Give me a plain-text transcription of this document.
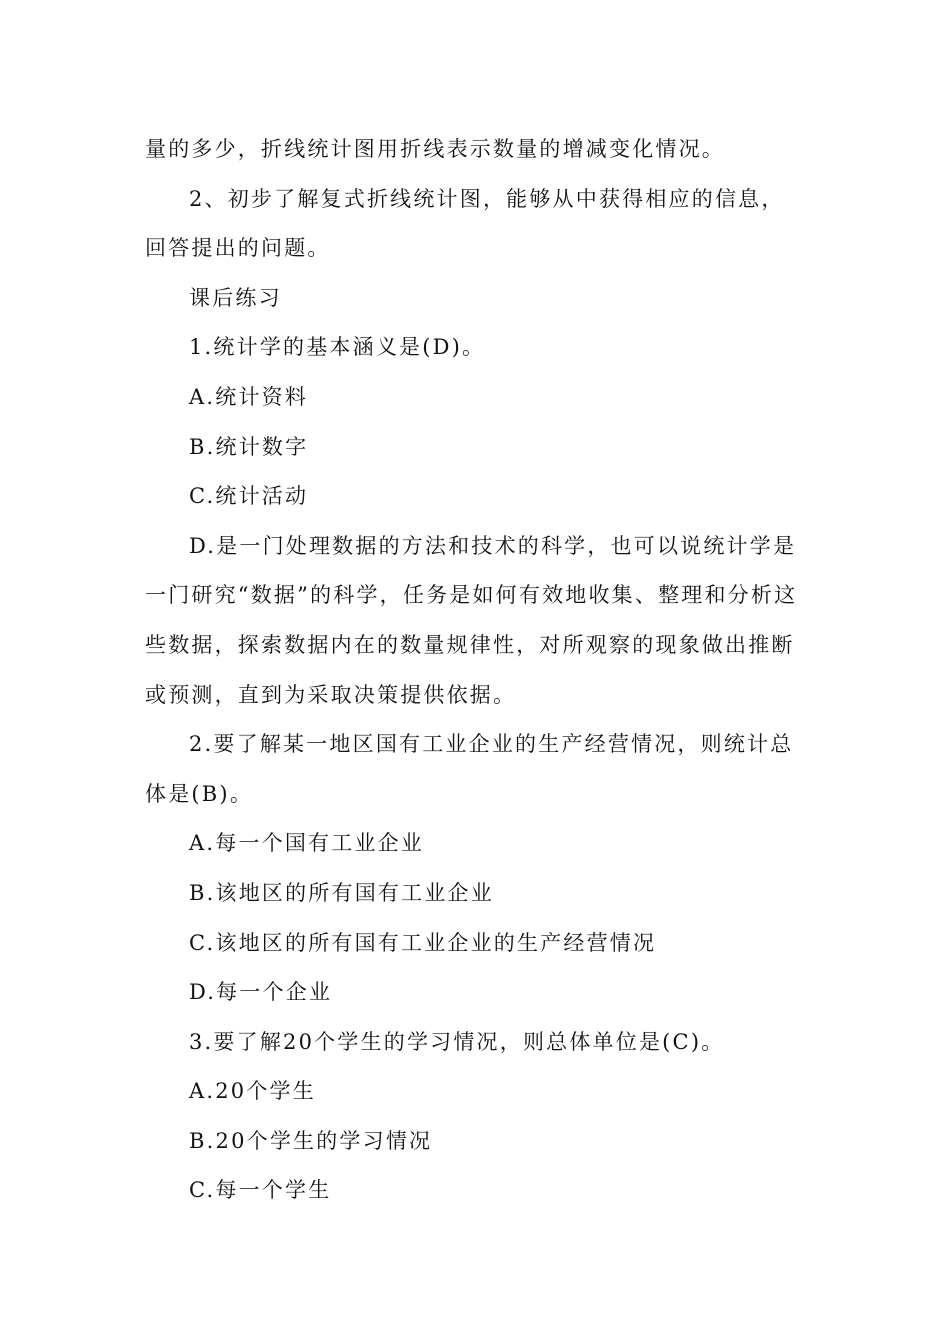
量的多少，折线统计图用折线表示数量的增减变化情况。

2、初步了解复式折线统计图，能够从中获得相应的信息，回答提出的问题。

课后练习

1.统计学的基本涵义是(D)。

A.统计资料

B.统计数字

C.统计活动

D.是一门处理数据的方法和技术的科学，也可以说统计学是一门研究“数据”的科学，任务是如何有效地收集、整理和分析这些数据，探索数据内在的数量规律性，对所观察的现象做出推断或预测，直到为采取决策提供依据。

2.要了解某一地区国有工业企业的生产经营情况，则统计总体是(B)。

A.每一个国有工业企业

B.该地区的所有国有工业企业

C.该地区的所有国有工业企业的生产经营情况

D.每一个企业

3.要了解20个学生的学习情况，则总体单位是(C)。

A.20个学生

B.20个学生的学习情况

C.每一个学生
